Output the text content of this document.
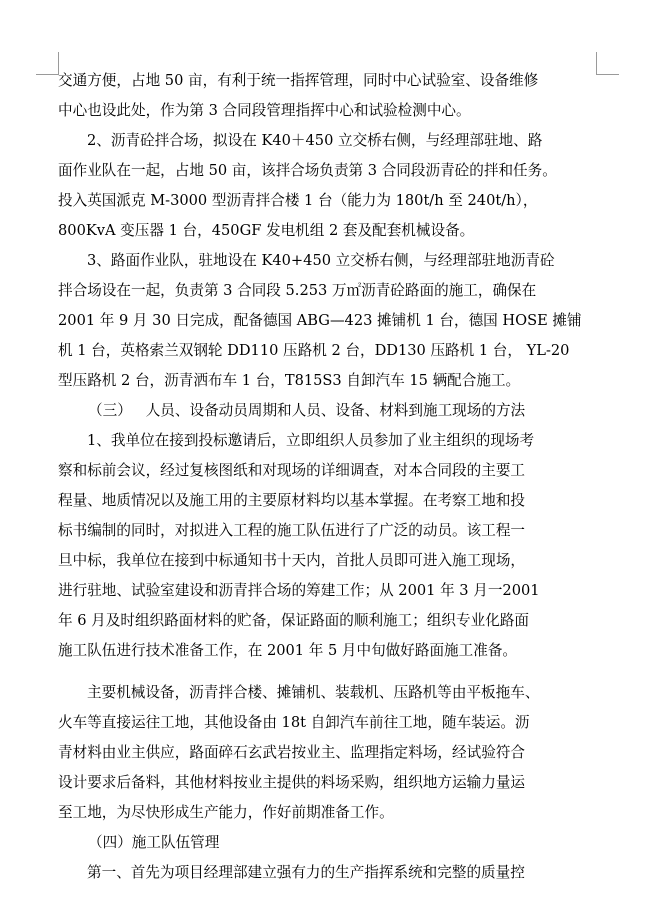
交通方便，占地 50 亩，有利于统一指挥管理，同时中心试验室、设备维修
中心也设此处，作为第 3 合同段管理指挥中心和试验检测中心。
2、沥青砼拌合场，拟设在 K40＋450 立交桥右侧，与经理部驻地、路
面作业队在一起，占地 50 亩，该拌合场负责第 3 合同段沥青砼的拌和任务。
投入英国派克 M-3000 型沥青拌合楼 1 台（能力为 180t/h 至 240t/h），
800KvA 变压器 1 台，450GF 发电机组 2 套及配套机械设备。
3、路面作业队，驻地设在 K40+450 立交桥右侧，与经理部驻地沥青砼
拌合场设在一起，负责第 3 合同段 5.253 万㎡沥青砼路面的施工，确保在
2001 年 9 月 30 日完成，配备德国 ABG—423 摊铺机 1 台，德国 HOSE 摊铺
机 1 台，英格索兰双钢轮 DD110 压路机 2 台，DD130 压路机 1 台， YL-20
型压路机 2 台，沥青洒布车 1 台，T815S3 自卸汽车 15 辆配合施工。
（三）   人员、设备动员周期和人员、设备、材料到施工现场的方法
1、我单位在接到投标邀请后，立即组织人员参加了业主组织的现场考
察和标前会议，经过复核图纸和对现场的详细调查，对本合同段的主要工
程量、地质情况以及施工用的主要原材料均以基本掌握。在考察工地和投
标书编制的同时，对拟进入工程的施工队伍进行了广泛的动员。该工程一
旦中标，我单位在接到中标通知书十天内，首批人员即可进入施工现场，
进行驻地、试验室建设和沥青拌合场的筹建工作；从 2001 年 3 月一2001
年 6 月及时组织路面材料的贮备，保证路面的顺利施工；组织专业化路面
施工队伍进行技术准备工作，在 2001 年 5 月中旬做好路面施工准备。
主要机械设备，沥青拌合楼、摊铺机、装载机、压路机等由平板拖车、
火车等直接运往工地，其他设备由 18t 自卸汽车前往工地，随车装运。沥
青材料由业主供应，路面碎石玄武岩按业主、监理指定料场，经试验符合
设计要求后备料，其他材料按业主提供的料场采购，组织地方运输力量运
至工地，为尽快形成生产能力，作好前期准备工作。
（四）施工队伍管理
第一、首先为项目经理部建立强有力的生产指挥系统和完整的质量控
